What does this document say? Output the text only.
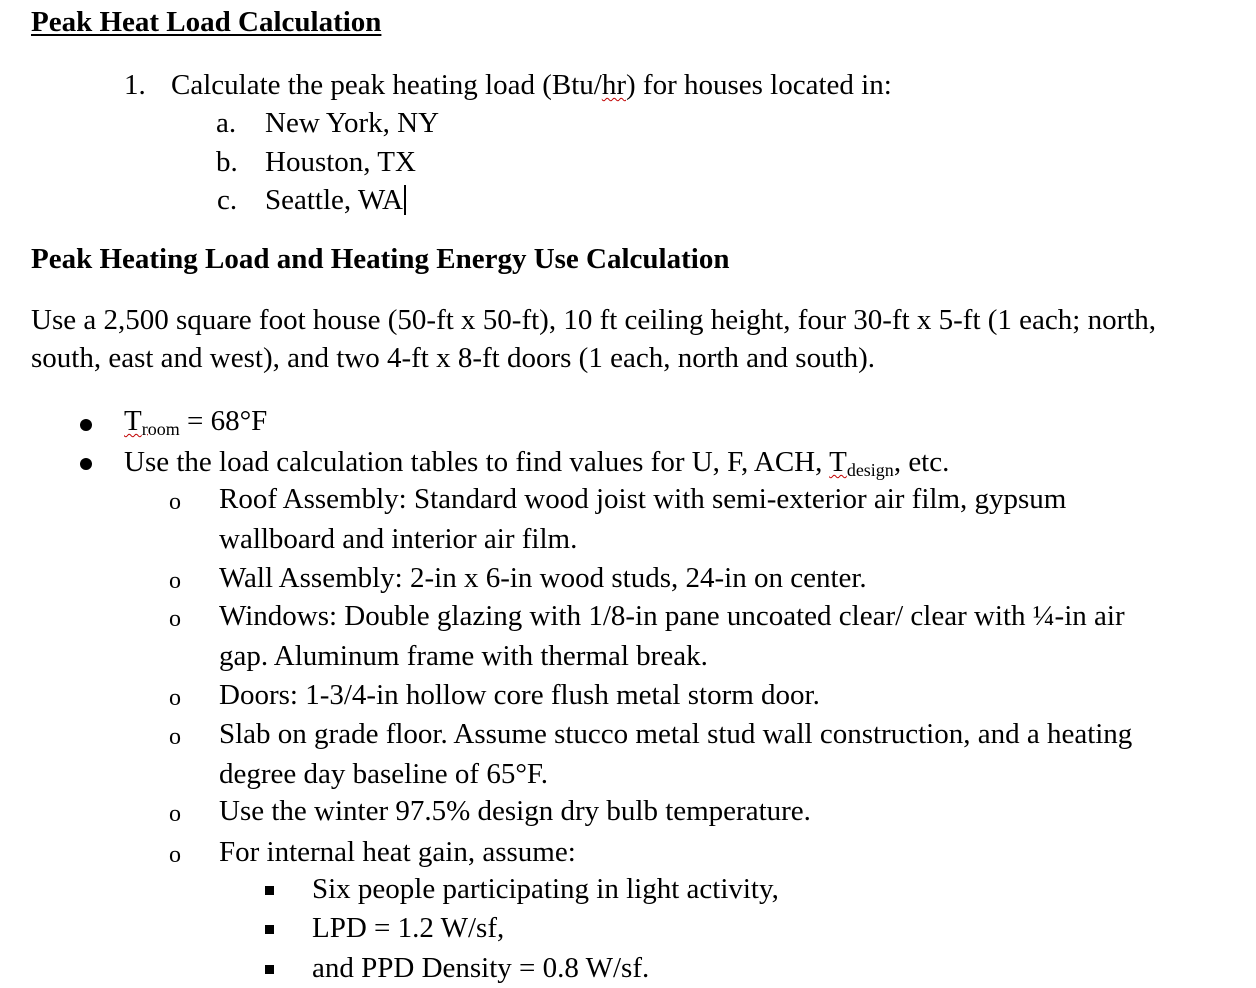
Peak Heat Load Calculation
1. Calculate the peak heating load (Btu/hr) for houses located in:
a. New York, NY
b. Houston, TX
c. Seattle, WA
Peak Heating Load and Heating Energy Use Calculation
Use a 2,500 square foot house (50-ft x 50-ft), 10 ft ceiling height, four 30-ft x 5-ft (1 each; north,
south, east and west), and two 4-ft x 8-ft doors (1 each, north and south).
$T_{room} = 68^\circ F$
Use the load calculation tables to find values for U, F, ACH, $T_{design}$, etc.
o Roof Assembly: Standard wood joist with semi-exterior air film, gypsum
wallboard and interior air film.
o Wall Assembly: 2-in x 6-in wood studs, 24-in on center.
o Windows: Double glazing with 1/8-in pane uncoated clear/ clear with ¼-in air
gap. Aluminum frame with thermal break.
o Doors: 1-3/4-in hollow core flush metal storm door.
o Slab on grade floor. Assume stucco metal stud wall construction, and a heating
degree day baseline of 65°F.
o Use the winter 97.5% design dry bulb temperature.
o For internal heat gain, assume:
Six people participating in light activity,
LPD = 1.2 W/sf,
and PPD Density = 0.8 W/sf.
